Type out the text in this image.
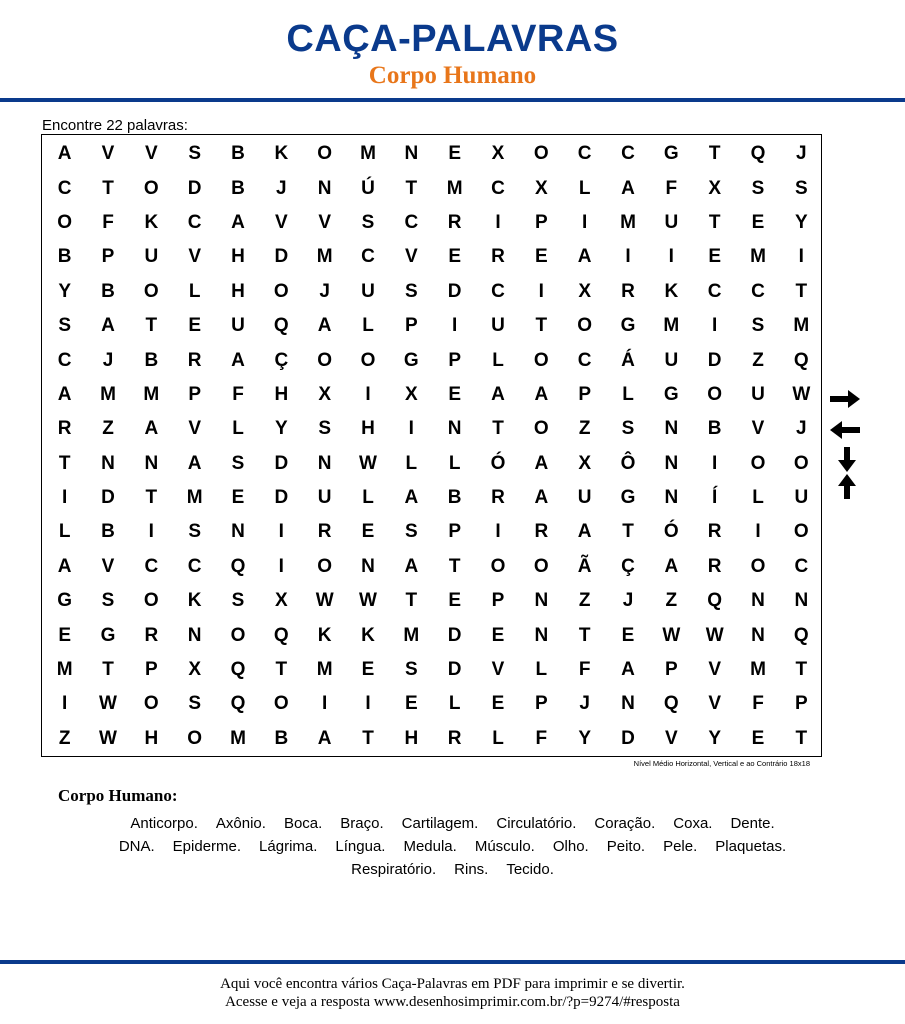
CAÇA-PALAVRAS
Corpo Humano
Encontre 22 palavras:
A	V	V	S	B	K	O	M	N	E	X	O	C	C	G	T	Q	J
C	T	O	D	B	J	N	Ú	T	M	C	X	L	A	F	X	S	S
O	F	K	C	A	V	V	S	C	R	I	P	I	M	U	T	E	Y
B	P	U	V	H	D	M	C	V	E	R	E	A	I	I	E	M	I
Y	B	O	L	H	O	J	U	S	D	C	I	X	R	K	C	C	T
S	A	T	E	U	Q	A	L	P	I	U	T	O	G	M	I	S	M
C	J	B	R	A	Ç	O	O	G	P	L	O	C	Á	U	D	Z	Q
A	M	M	P	F	H	X	I	X	E	A	A	P	L	G	O	U	W
R	Z	A	V	L	Y	S	H	I	N	T	O	Z	S	N	B	V	J
T	N	N	A	S	D	N	W	L	L	Ó	A	X	Ô	N	I	O	O
I	D	T	M	E	D	U	L	A	B	R	A	U	G	N	Í	L	U
L	B	I	S	N	I	R	E	S	P	I	R	A	T	Ó	R	I	O
A	V	C	C	Q	I	O	N	A	T	O	O	Ã	Ç	A	R	O	C
G	S	O	K	S	X	W	W	T	E	P	N	Z	J	Z	Q	N	N
E	G	R	N	O	Q	K	K	M	D	E	N	T	E	W	W	N	Q
M	T	P	X	Q	T	M	E	S	D	V	L	F	A	P	V	M	T
I	W	O	S	Q	O	I	I	E	L	E	P	J	N	Q	V	F	P
Z	W	H	O	M	B	A	T	H	R	L	F	Y	D	V	Y	E	T
Nível Médio Horizontal, Vertical e ao Contrário 18x18
Corpo Humano:
Anticorpo. Axônio. Boca. Braço. Cartilagem. Circulatório. Coração. Coxa. Dente.
DNA. Epiderme. Lágrima. Língua. Medula. Músculo. Olho. Peito. Pele. Plaquetas.
Respiratório. Rins. Tecido.
Aqui você encontra vários Caça-Palavras em PDF para imprimir e se divertir.
Acesse e veja a resposta www.desenhosimprimir.com.br/?p=9274/#resposta
